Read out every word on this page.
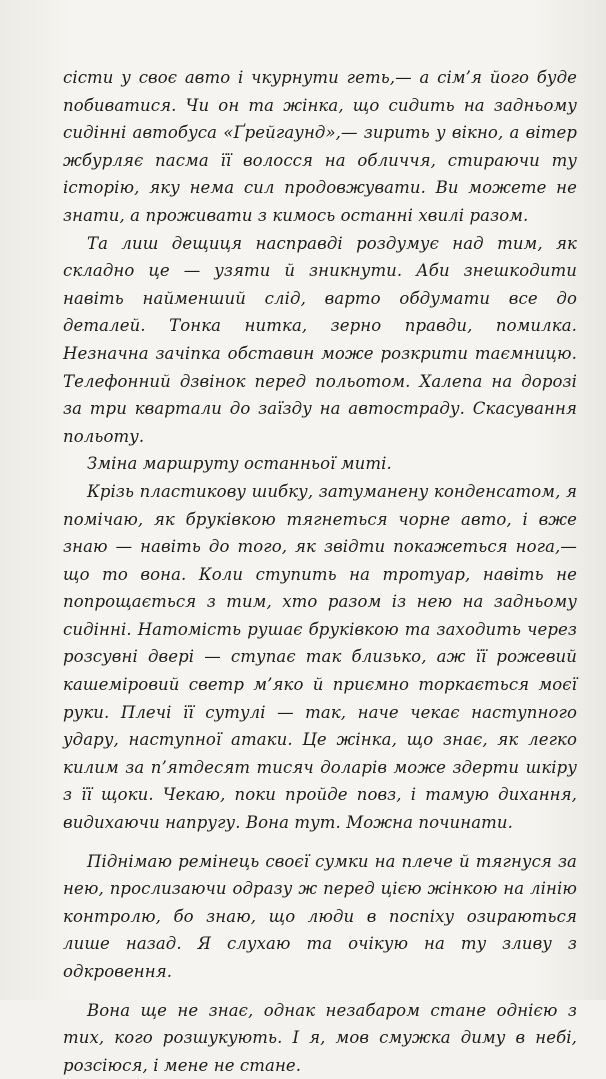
сісти у своє авто і чкурнути геть,— а сім’я його буде побиватися. Чи он та жінка, що сидить на задньому сидінні автобуса «Ґрейгаунд»,— зирить у вікно, а вітер жбурляє пасма її волосся на обличчя, стираючи ту історію, яку нема сил продовжувати. Ви можете не знати, а проживати з кимось останні хвилі разом.

Та лиш дещиця насправді роздумує над тим, як складно це — узяти й зникнути. Аби знешкодити навіть найменший слід, варто обдумати все до деталей. Тонка нитка, зерно правди, помилка. Незначна зачіпка обставин може розкрити таємницю. Телефонний дзвінок перед польотом. Халепа на дорозі за три квартали до заїзду на автостраду. Скасування польоту.

Зміна маршруту останньої миті.

Крізь пластикову шибку, затуманену конденсатом, я помічаю, як бруківкою тягнеться чорне авто, і вже знаю — навіть до того, як звідти покажеться нога,— що то вона. Коли ступить на тротуар, навіть не попрощається з тим, хто разом із нею на задньому сидінні. Натомість рушає бруківкою та заходить через розсувні двері — ступає так близько, аж її рожевий кашеміровий светр м’яко й приємно торкається моєї руки. Плечі її сутулі — так, наче чекає наступного удару, наступної атаки. Це жінка, що знає, як легко килим за п’ятдесят тисяч доларів може здерти шкіру з її щоки. Чекаю, поки пройде повз, і тамую дихання, видихаючи напругу. Вона тут. Можна починати.

Піднімаю ремінець своєї сумки на плече й тягнуся за нею, прослизаючи одразу ж перед цією жінкою на лінію контролю, бо знаю, що люди в поспіху озираються лише назад. Я слухаю та очікую на ту зливу з одкровення.

Вона ще не знає, однак незабаром стане однією з тих, кого розшукують. І я, мов смужка диму в небі, розсіюся, і мене не стане.
